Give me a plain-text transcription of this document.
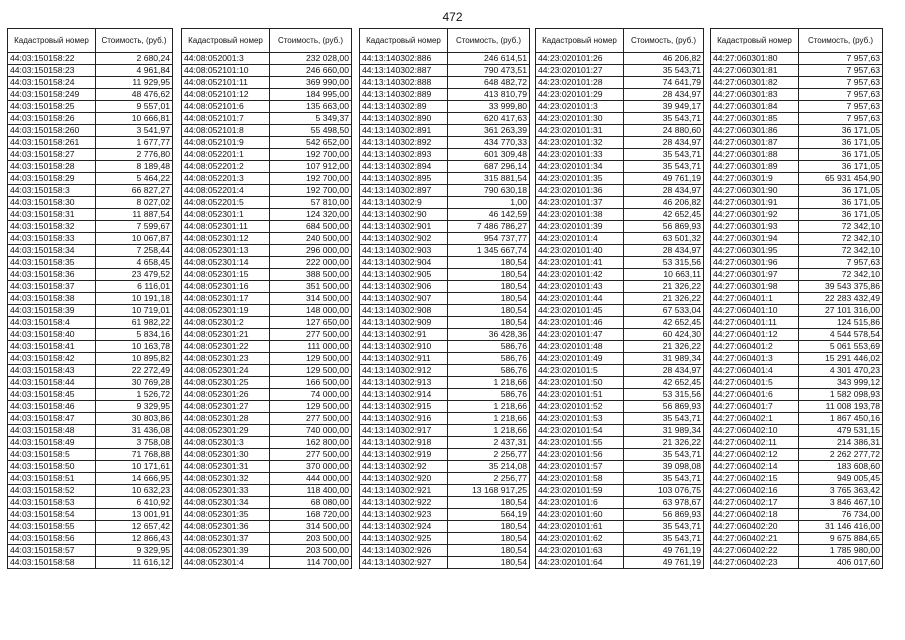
472
Кадастровый номер	Стоимость, (руб.)
44:03:150158:22	2 680,24
44:03:150158:23	4 961,84
44:03:150158:24	11 929,95
44:03:150158:249	48 476,62
44:03:150158:25	9 557,01
44:03:150158:26	10 666,81
44:03:150158:260	3 541,97
44:03:150158:261	1 677,77
44:03:150158:27	2 776,80
44:03:150158:28	8 189,48
44:03:150158:29	5 464,22
44:03:150158:3	66 827,27
44:03:150158:30	8 027,02
44:03:150158:31	11 887,54
44:03:150158:32	7 599,67
44:03:150158:33	10 067,87
44:03:150158:34	7 258,44
44:03:150158:35	4 658,45
44:03:150158:36	23 479,52
44:03:150158:37	6 116,01
44:03:150158:38	10 191,18
44:03:150158:39	10 719,01
44:03:150158:4	61 982,22
44:03:150158:40	5 834,16
44:03:150158:41	10 163,78
44:03:150158:42	10 895,82
44:03:150158:43	22 272,49
44:03:150158:44	30 769,28
44:03:150158:45	1 526,72
44:03:150158:46	9 329,95
44:03:150158:47	30 803,86
44:03:150158:48	31 436,08
44:03:150158:49	3 758,08
44:03:150158:5	71 768,88
44:03:150158:50	10 171,61
44:03:150158:51	14 666,95
44:03:150158:52	10 632,23
44:03:150158:53	6 410,92
44:03:150158:54	13 001,91
44:03:150158:55	12 657,42
44:03:150158:56	12 866,43
44:03:150158:57	9 329,95
44:03:150158:58	11 616,12
Кадастровый номер	Стоимость, (руб.)
44:08:052001:3	232 028,00
44:08:052101:10	246 660,00
44:08:052101:11	369 990,00
44:08:052101:12	184 995,00
44:08:052101:6	135 663,00
44:08:052101:7	5 349,37
44:08:052101:8	55 498,50
44:08:052101:9	542 652,00
44:08:052201:1	192 700,00
44:08:052201:2	107 912,00
44:08:052201:3	192 700,00
44:08:052201:4	192 700,00
44:08:052201:5	57 810,00
44:08:052301:1	124 320,00
44:08:052301:11	684 500,00
44:08:052301:12	240 500,00
44:08:052301:13	296 000,00
44:08:052301:14	222 000,00
44:08:052301:15	388 500,00
44:08:052301:16	351 500,00
44:08:052301:17	314 500,00
44:08:052301:19	148 000,00
44:08:052301:2	127 650,00
44:08:052301:21	277 500,00
44:08:052301:22	111 000,00
44:08:052301:23	129 500,00
44:08:052301:24	129 500,00
44:08:052301:25	166 500,00
44:08:052301:26	74 000,00
44:08:052301:27	129 500,00
44:08:052301:28	277 500,00
44:08:052301:29	740 000,00
44:08:052301:3	162 800,00
44:08:052301:30	277 500,00
44:08:052301:31	370 000,00
44:08:052301:32	444 000,00
44:08:052301:33	118 400,00
44:08:052301:34	68 080,00
44:08:052301:35	168 720,00
44:08:052301:36	314 500,00
44:08:052301:37	203 500,00
44:08:052301:39	203 500,00
44:08:052301:4	114 700,00
Кадастровый номер	Стоимость, (руб.)
44:13:140302:886	246 614,51
44:13:140302:887	790 473,51
44:13:140302:888	648 482,72
44:13:140302:889	413 810,79
44:13:140302:89	33 999,80
44:13:140302:890	620 417,63
44:13:140302:891	361 263,39
44:13:140302:892	434 770,33
44:13:140302:893	601 309,48
44:13:140302:894	687 296,14
44:13:140302:895	315 881,54
44:13:140302:897	790 630,18
44:13:140302:9	1,00
44:13:140302:90	46 142,59
44:13:140302:901	7 486 786,27
44:13:140302:902	954 737,77
44:13:140302:903	1 345 667,74
44:13:140302:904	180,54
44:13:140302:905	180,54
44:13:140302:906	180,54
44:13:140302:907	180,54
44:13:140302:908	180,54
44:13:140302:909	180,54
44:13:140302:91	36 428,36
44:13:140302:910	586,76
44:13:140302:911	586,76
44:13:140302:912	586,76
44:13:140302:913	1 218,66
44:13:140302:914	586,76
44:13:140302:915	1 218,66
44:13:140302:916	1 218,66
44:13:140302:917	1 218,66
44:13:140302:918	2 437,31
44:13:140302:919	2 256,77
44:13:140302:92	35 214,08
44:13:140302:920	2 256,77
44:13:140302:921	13 168 917,25
44:13:140302:922	180,54
44:13:140302:923	564,19
44:13:140302:924	180,54
44:13:140302:925	180,54
44:13:140302:926	180,54
44:13:140302:927	180,54
Кадастровый номер	Стоимость, (руб.)
44:23:020101:26	46 206,82
44:23:020101:27	35 543,71
44:23:020101:28	74 641,79
44:23:020101:29	28 434,97
44:23:020101:3	39 949,17
44:23:020101:30	35 543,71
44:23:020101:31	24 880,60
44:23:020101:32	28 434,97
44:23:020101:33	35 543,71
44:23:020101:34	35 543,71
44:23:020101:35	49 761,19
44:23:020101:36	28 434,97
44:23:020101:37	46 206,82
44:23:020101:38	42 652,45
44:23:020101:39	56 869,93
44:23:020101:4	63 501,32
44:23:020101:40	28 434,97
44:23:020101:41	53 315,56
44:23:020101:42	10 663,11
44:23:020101:43	21 326,22
44:23:020101:44	21 326,22
44:23:020101:45	67 533,04
44:23:020101:46	42 652,45
44:23:020101:47	60 424,30
44:23:020101:48	21 326,22
44:23:020101:49	31 989,34
44:23:020101:5	28 434,97
44:23:020101:50	42 652,45
44:23:020101:51	53 315,56
44:23:020101:52	56 869,93
44:23:020101:53	35 543,71
44:23:020101:54	31 989,34
44:23:020101:55	21 326,22
44:23:020101:56	35 543,71
44:23:020101:57	39 098,08
44:23:020101:58	35 543,71
44:23:020101:59	103 076,75
44:23:020101:6	63 978,67
44:23:020101:60	56 869,93
44:23:020101:61	35 543,71
44:23:020101:62	35 543,71
44:23:020101:63	49 761,19
44:23:020101:64	49 761,19
Кадастровый номер	Стоимость, (руб.)
44:27:060301:80	7 957,63
44:27:060301:81	7 957,63
44:27:060301:82	7 957,63
44:27:060301:83	7 957,63
44:27:060301:84	7 957,63
44:27:060301:85	7 957,63
44:27:060301:86	36 171,05
44:27:060301:87	36 171,05
44:27:060301:88	36 171,05
44:27:060301:89	36 171,05
44:27:060301:9	65 931 454,90
44:27:060301:90	36 171,05
44:27:060301:91	36 171,05
44:27:060301:92	36 171,05
44:27:060301:93	72 342,10
44:27:060301:94	72 342,10
44:27:060301:95	72 342,10
44:27:060301:96	7 957,63
44:27:060301:97	72 342,10
44:27:060301:98	39 543 375,86
44:27:060401:1	22 283 432,49
44:27:060401:10	27 101 316,00
44:27:060401:11	124 515,86
44:27:060401:12	4 544 578,54
44:27:060401:2	5 061 553,69
44:27:060401:3	15 291 446,02
44:27:060401:4	4 301 470,23
44:27:060401:5	343 999,12
44:27:060401:6	1 582 098,93
44:27:060401:7	11 008 193,78
44:27:060402:1	1 867 450,16
44:27:060402:10	479 531,15
44:27:060402:11	214 386,31
44:27:060402:12	2 262 277,72
44:27:060402:14	183 608,60
44:27:060402:15	949 005,45
44:27:060402:16	3 765 363,42
44:27:060402:17	3 846 467,10
44:27:060402:18	76 734,00
44:27:060402:20	31 146 416,00
44:27:060402:21	9 675 884,65
44:27:060402:22	1 785 980,00
44:27:060402:23	406 017,60
